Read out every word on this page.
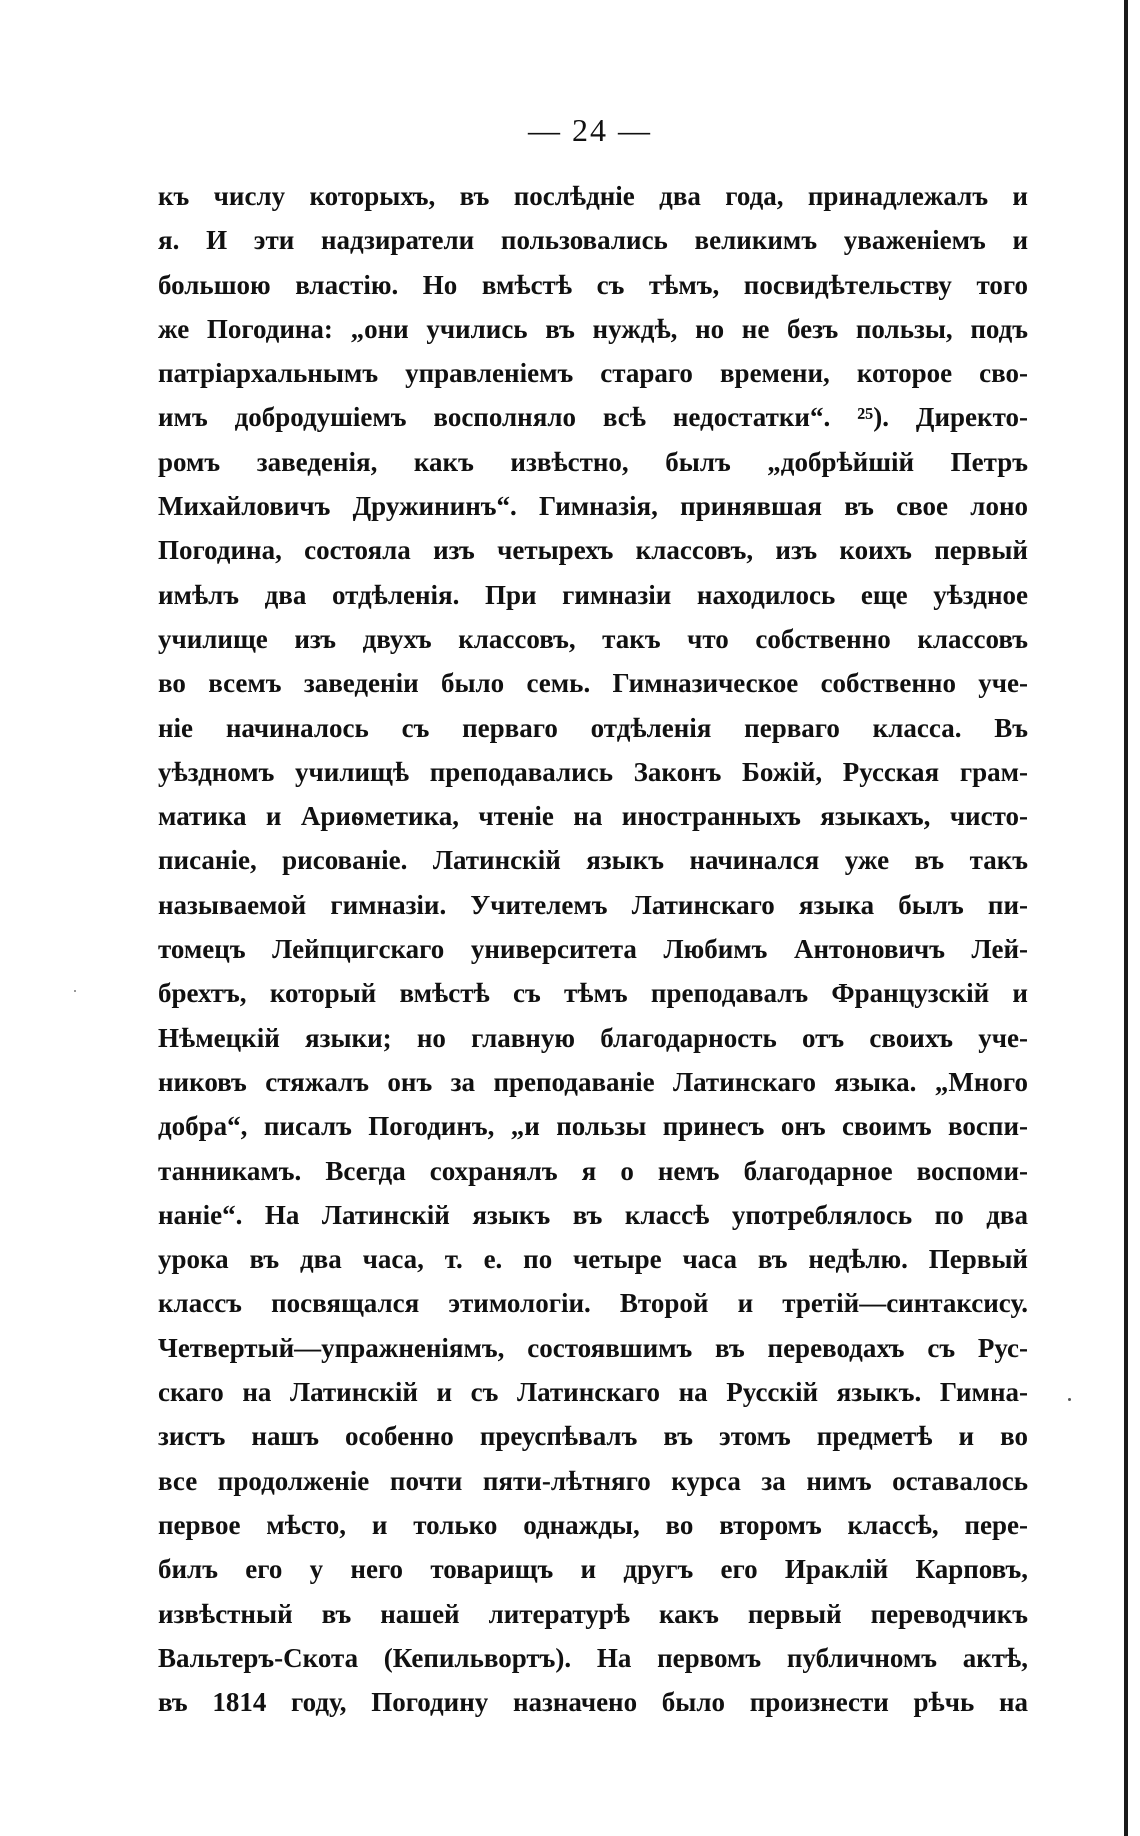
— 24 —
къ числу которыхъ, въ послѣдніе два года, принадлежалъ и
я. И эти надзиратели пользовались великимъ уваженіемъ и
большою властію. Но вмѣстѣ съ тѣмъ, посвидѣтельству того
же Погодина: „они учились въ нуждѣ, но не безъ пользы, подъ
патріархальнымъ управленіемъ стараго времени, которое сво-
имъ добродушіемъ восполняло всѣ недостатки“. ²⁵). Директо-
ромъ заведенія, какъ извѣстно, былъ „добрѣйшій Петръ
Михайловичъ Дружининъ“. Гимназія, принявшая въ свое лоно
Погодина, состояла изъ четырехъ классовъ, изъ коихъ первый
имѣлъ два отдѣленія. При гимназіи находилось еще уѣздное
училище изъ двухъ классовъ, такъ что собственно классовъ
во всемъ заведеніи было семь. Гимназическое собственно уче-
ніе начиналось съ перваго отдѣленія перваго класса. Въ
уѣздномъ училищѣ преподавались Законъ Божій, Русская грам-
матика и Ариѳметика, чтеніе на иностранныхъ языкахъ, чисто-
писаніе, рисованіе. Латинскій языкъ начинался уже въ такъ
называемой гимназіи. Учителемъ Латинскаго языка былъ пи-
томецъ Лейпцигскаго университета Любимъ Антоновичъ Лей-
брехтъ, который вмѣстѣ съ тѣмъ преподавалъ Французскій и
Нѣмецкій языки; но главную благодарность отъ своихъ уче-
никовъ стяжалъ онъ за преподаваніе Латинскаго языка. „Много
добра“, писалъ Погодинъ, „и пользы принесъ онъ своимъ воспи-
танникамъ. Всегда сохранялъ я о немъ благодарное воспоми-
наніе“. На Латинскій языкъ въ классѣ употреблялось по два
урока въ два часа, т. е. по четыре часа въ недѣлю. Первый
классъ посвящался этимологіи. Второй и третій—синтаксису.
Четвертый—упражненіямъ, состоявшимъ въ переводахъ съ Рус-
скаго на Латинскій и съ Латинскаго на Русскій языкъ. Гимна-
зистъ нашъ особенно преуспѣвалъ въ этомъ предметѣ и во
все продолженіе почти пяти-лѣтняго курса за нимъ оставалось
первое мѣсто, и только однажды, во второмъ классѣ, пере-
билъ его у него товарищъ и другъ его Ираклій Карповъ,
извѣстный въ нашей литературѣ какъ первый переводчикъ
Вальтеръ-Скота (Кепильвортъ). На первомъ публичномъ актѣ,
въ 1814 году, Погодину назначено было произнести рѣчь на
